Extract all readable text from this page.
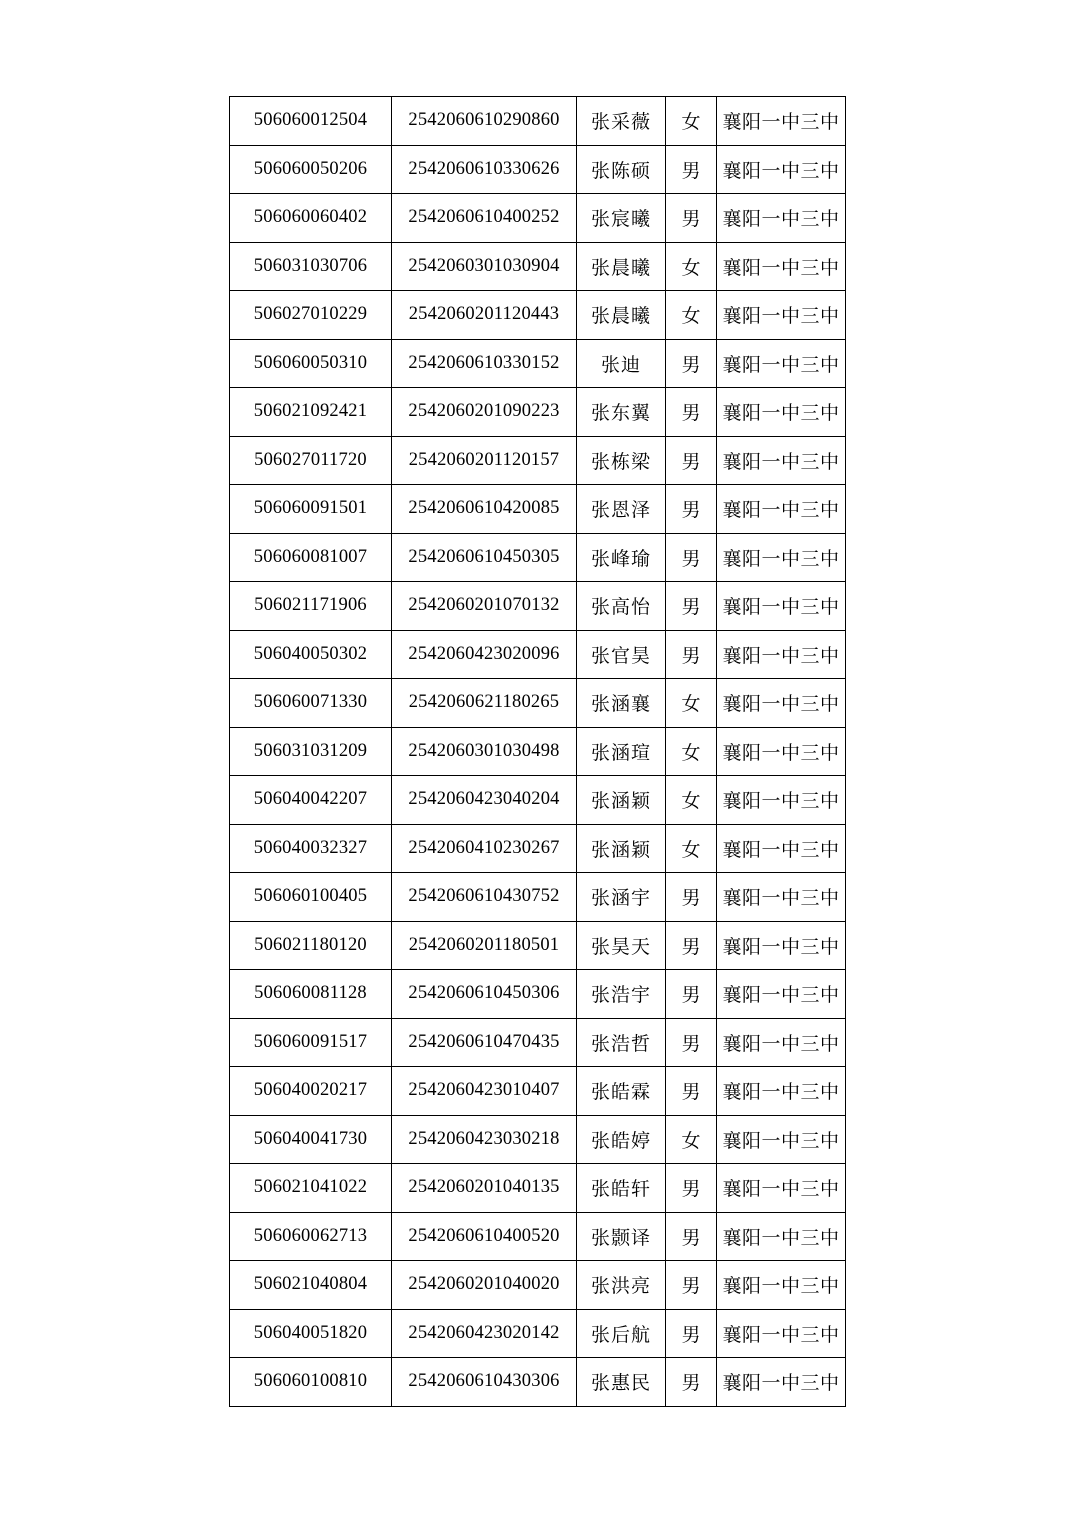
506060012504	2542060610290860	张采薇	女	襄阳一中三中
506060050206	2542060610330626	张陈硕	男	襄阳一中三中
506060060402	2542060610400252	张宸曦	男	襄阳一中三中
506031030706	2542060301030904	张晨曦	女	襄阳一中三中
506027010229	2542060201120443	张晨曦	女	襄阳一中三中
506060050310	2542060610330152	张迪	男	襄阳一中三中
506021092421	2542060201090223	张东翼	男	襄阳一中三中
506027011720	2542060201120157	张栋梁	男	襄阳一中三中
506060091501	2542060610420085	张恩泽	男	襄阳一中三中
506060081007	2542060610450305	张峰瑜	男	襄阳一中三中
506021171906	2542060201070132	张高怡	男	襄阳一中三中
506040050302	2542060423020096	张官昊	男	襄阳一中三中
506060071330	2542060621180265	张涵襄	女	襄阳一中三中
506031031209	2542060301030498	张涵瑄	女	襄阳一中三中
506040042207	2542060423040204	张涵颖	女	襄阳一中三中
506040032327	2542060410230267	张涵颖	女	襄阳一中三中
506060100405	2542060610430752	张涵宇	男	襄阳一中三中
506021180120	2542060201180501	张昊天	男	襄阳一中三中
506060081128	2542060610450306	张浩宇	男	襄阳一中三中
506060091517	2542060610470435	张浩哲	男	襄阳一中三中
506040020217	2542060423010407	张皓霖	男	襄阳一中三中
506040041730	2542060423030218	张皓婷	女	襄阳一中三中
506021041022	2542060201040135	张皓轩	男	襄阳一中三中
506060062713	2542060610400520	张颢译	男	襄阳一中三中
506021040804	2542060201040020	张洪亮	男	襄阳一中三中
506040051820	2542060423020142	张后航	男	襄阳一中三中
506060100810	2542060610430306	张惠民	男	襄阳一中三中
